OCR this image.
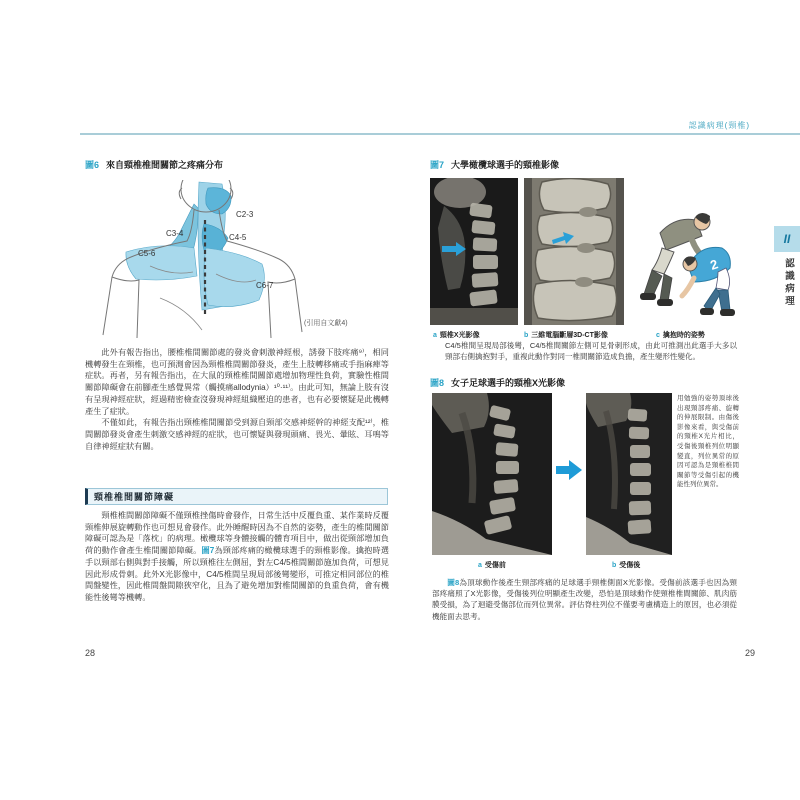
認識病理(頸椎)
II
認識病理
圖6 來自頸椎椎間關節之疼痛分布
C2-3
C3-4	C4-5
C5-6
C6-7
(引用自文獻4)

此外有報告指出，腰椎椎間關節處的發炎會刺激神經根，誘發下肢疼痛⁹⁾，相同機轉發生在頸椎，也可預測會因為頸椎椎間關節發炎，產生上肢轉移痛或手指麻痺等症狀。再者，另有報告指出，在大鼠的頸椎椎間關節處增加物理性負荷，實驗性椎間關節障礙會在前腳產生感覺異常（觸摸痛allodynia）¹⁰·¹¹⁾。由此可知，無論上肢有沒有呈現神經症狀，經過精密檢查沒發現神經組織壓迫的患者，也有必要懷疑是此機轉產生了症狀。

不僅如此，有報告指出頸椎椎間關節受到源自頸部交感神經幹的神經支配¹²⁾，椎間關節發炎會產生刺激交感神經的症狀，也可懷疑與發現頭痛、畏光、暈眩、耳鳴等自律神經症狀有關。

頸椎椎間關節障礙

頸椎椎間關節障礙不僅頸椎挫傷時會發作，日常生活中反覆負重、某作業時反覆頸椎伸展旋轉動作也可想見會發作。此外睡醒時因為不自然的姿勢，產生的椎間關節障礙可認為是「落枕」的病理。橄欖球等身體接觸的體育項目中，做出從頸部增加負荷的動作會產生椎間關節障礙。圖7為頸部疼痛的橄欖球選手的頸椎影像。擒抱時選手以頸部右側與對手接觸，所以頸椎往左側屈，對左C4/5椎間關節施加負荷，可想見因此形成骨刺。此外X光影像中，C4/5椎間呈現局部後彎變形，可推定相同部位的椎間盤變性，因此椎間盤間隙狹窄化，且為了避免增加對椎間關節的負重負荷，會有機能性後彎等機轉。

28
圖7 大學橄欖球選手的頸椎影像
2
a 頸椎X光影像	b 三維電腦斷層3D-CT影像	c 擒抱時的姿勢
C4/5椎間呈現局部後彎，C4/5椎間關節左側可見骨刺形成，由此可推測出此選手大多以頸部右側擒抱對手，重複此動作對同一椎間關節造成負擔，產生變形性變化。
圖8 女子足球選手的頸椎X光影像
用勉強的姿勢頂球後出現頸部疼痛、旋轉的伸展限制。由傷後影像來看，與受傷前的頸椎X光片相比，受傷後頸椎列位明顯變直，列位異常的原因可認為是頸椎椎間關節等受傷引起的機能性列位異常。
a 受傷前	b 受傷後

圖8為頂球動作後產生頸部疼痛的足球選手頸椎側面X光影像。受傷前該選手也因為頸部疼痛照了X光影像，受傷後列位明顯產生改變，恐怕是頂球動作使頸椎椎間關節、肌肉筋膜受損，為了迴避受傷部位而列位異常。評估脊柱列位不僅要考慮構造上的原因，也必須從機能面去思考。

29
